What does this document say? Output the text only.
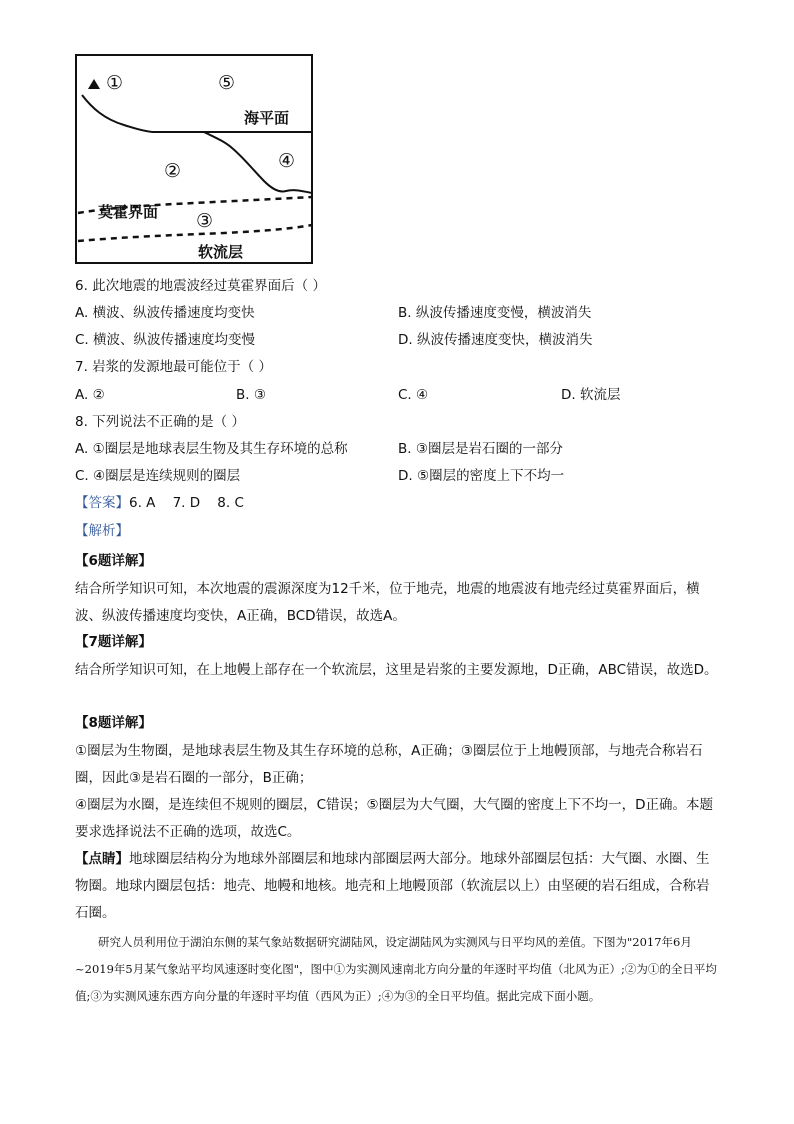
①	⑤
海平面
②	④
莫霍界面 ③
软流层
6. 此次地震的地震波经过莫霍界面后（ ）
A. 横波、纵波传播速度均变快	B. 纵波传播速度变慢，横波消失
C. 横波、纵波传播速度均变慢	D. 纵波传播速度变快，横波消失
7. 岩浆的发源地最可能位于（ ）
A. ②	B. ③	C. ④	D. 软流层
8. 下列说法不正确的是（ ）
A. ①圈层是地球表层生物及其生存环境的总称	B. ③圈层是岩石圈的一部分
C. ④圈层是连续规则的圈层	D. ⑤圈层的密度上下不均一
【答案】6. A    7. D    8. C
【解析】
【6题详解】
结合所学知识可知，本次地震的震源深度为12千米，位于地壳，地震的地震波有地壳经过莫霍界面后，横波、纵波传播速度均变快，A正确，BCD错误，故选A。
【7题详解】
结合所学知识可知，在上地幔上部存在一个软流层，这里是岩浆的主要发源地，D正确，ABC错误，故选D。
【8题详解】
①圈层为生物圈，是地球表层生物及其生存环境的总称，A正确；③圈层位于上地幔顶部，与地壳合称岩石圈，因此③是岩石圈的一部分，B正确；
④圈层为水圈，是连续但不规则的圈层，C错误；⑤圈层为大气圈，大气圈的密度上下不均一，D正确。本题要求选择说法不正确的选项，故选C。
【点睛】地球圈层结构分为地球外部圈层和地球内部圈层两大部分。地球外部圈层包括：大气圈、水圈、生物圈。地球内圈层包括：地壳、地幔和地核。地壳和上地幔顶部（软流层以上）由坚硬的岩石组成，合称岩石圈。
研究人员利用位于湖泊东侧的某气象站数据研究湖陆风，设定湖陆风为实测风与日平均风的差值。下图为"2017年6月~2019年5月某气象站平均风速逐时变化图"，图中①为实测风速南北方向分量的年逐时平均值（北风为正）;②为①的全日平均值;③为实测风速东西方向分量的年逐时平均值（西风为正）;④为③的全日平均值。据此完成下面小题。
